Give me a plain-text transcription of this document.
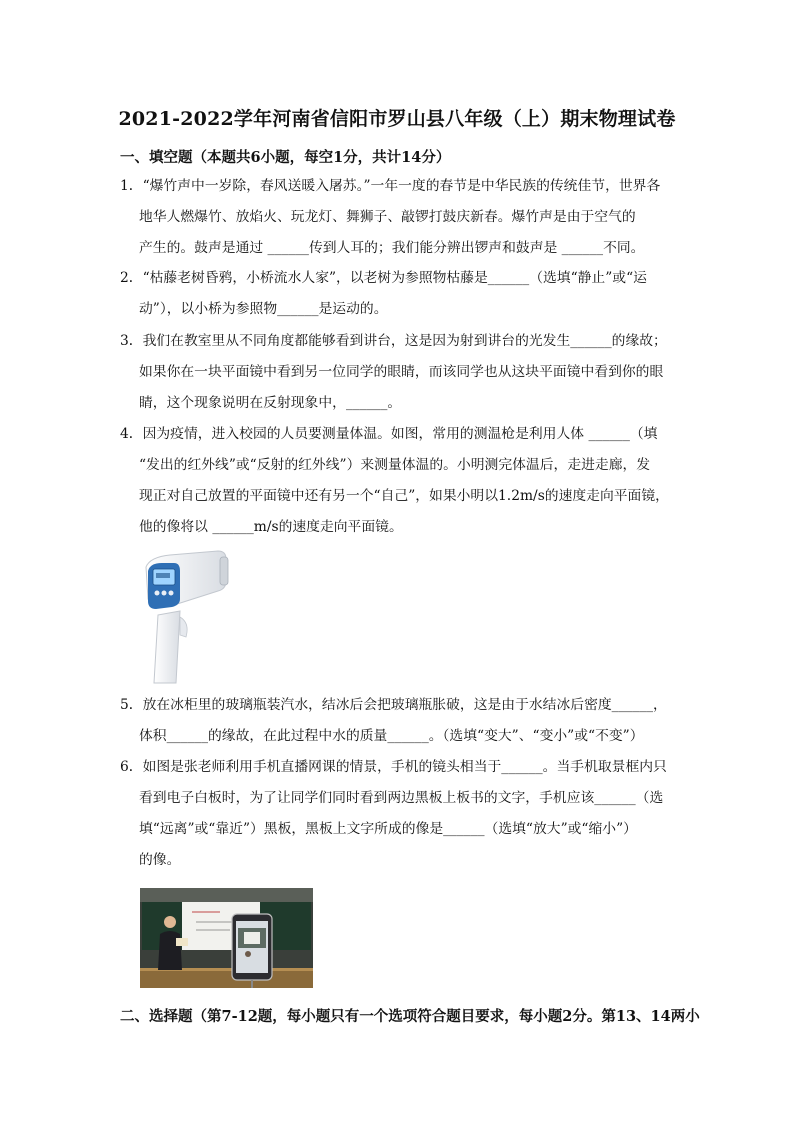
2021-2022学年河南省信阳市罗山县八年级（上）期末物理试卷
一、填空题（本题共6小题，每空1分，共计14分）
1．“爆竹声中一岁除，春风送暖入屠苏。”一年一度的春节是中华民族的传统佳节，世界各
地华人燃爆竹、放焰火、玩龙灯、舞狮子、敲锣打鼓庆新春。爆竹声是由于空气的
产生的。鼓声是通过 ______传到人耳的；我们能分辨出锣声和鼓声是 ______不同。
2．“枯藤老树昏鸦，小桥流水人家”，以老树为参照物枯藤是______（选填“静止”或“运
动”），以小桥为参照物______是运动的。
3．我们在教室里从不同角度都能够看到讲台，这是因为射到讲台的光发生______的缘故；
如果你在一块平面镜中看到另一位同学的眼睛，而该同学也从这块平面镜中看到你的眼
睛，这个现象说明在反射现象中，______。
4．因为疫情，进入校园的人员要测量体温。如图，常用的测温枪是利用人体 ______（填
“发出的红外线”或“反射的红外线”）来测量体温的。小明测完体温后，走进走廊，发
现正对自己放置的平面镜中还有另一个“自己”，如果小明以1.2m/s的速度走向平面镜，
他的像将以 ______m/s的速度走向平面镜。
5．放在冰柜里的玻璃瓶装汽水，结冰后会把玻璃瓶胀破，这是由于水结冰后密度______，
体积______的缘故，在此过程中水的质量______。（选填“变大”、“变小”或“不变”）
6．如图是张老师利用手机直播网课的情景，手机的镜头相当于______。当手机取景框内只
看到电子白板时，为了让同学们同时看到两边黑板上板书的文字，手机应该______（选
填“远离”或“靠近”）黑板，黑板上文字所成的像是______（选填“放大”或“缩小”）
的像。
二、选择题（第7-12题，每小题只有一个选项符合题目要求，每小题2分。第13、14两小
